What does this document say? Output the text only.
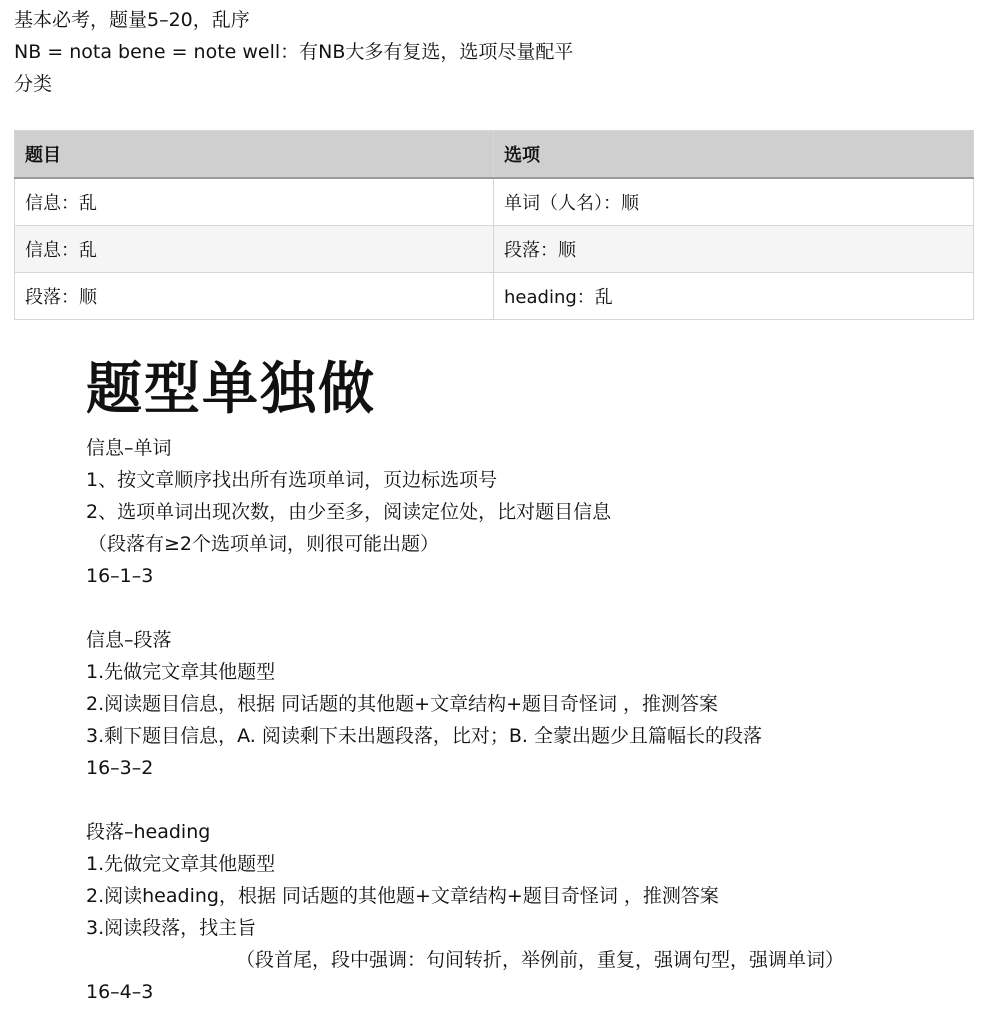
基本必考，题量5–20，乱序
NB = nota bene = note well：有NB大多有复选，选项尽量配平
分类
题目	选项
信息：乱	单词（人名）：顺
信息：乱	段落：顺
段落：顺	heading：乱
题型单独做
信息–单词
1、按文章顺序找出所有选项单词，页边标选项号
2、选项单词出现次数，由少至多，阅读定位处，比对题目信息
（段落有≥2个选项单词，则很可能出题）
16–1–3
信息–段落
1.先做完文章其他题型
2.阅读题目信息，根据 同话题的其他题+文章结构+题目奇怪词 ，推测答案
3.剩下题目信息，A. 阅读剩下未出题段落，比对；B. 全蒙出题少且篇幅长的段落
16–3–2
段落–heading
1.先做完文章其他题型
2.阅读heading，根据 同话题的其他题+文章结构+题目奇怪词 ，推测答案
3.阅读段落，找主旨
（段首尾，段中强调：句间转折，举例前，重复，强调句型，强调单词）
16–4–3
